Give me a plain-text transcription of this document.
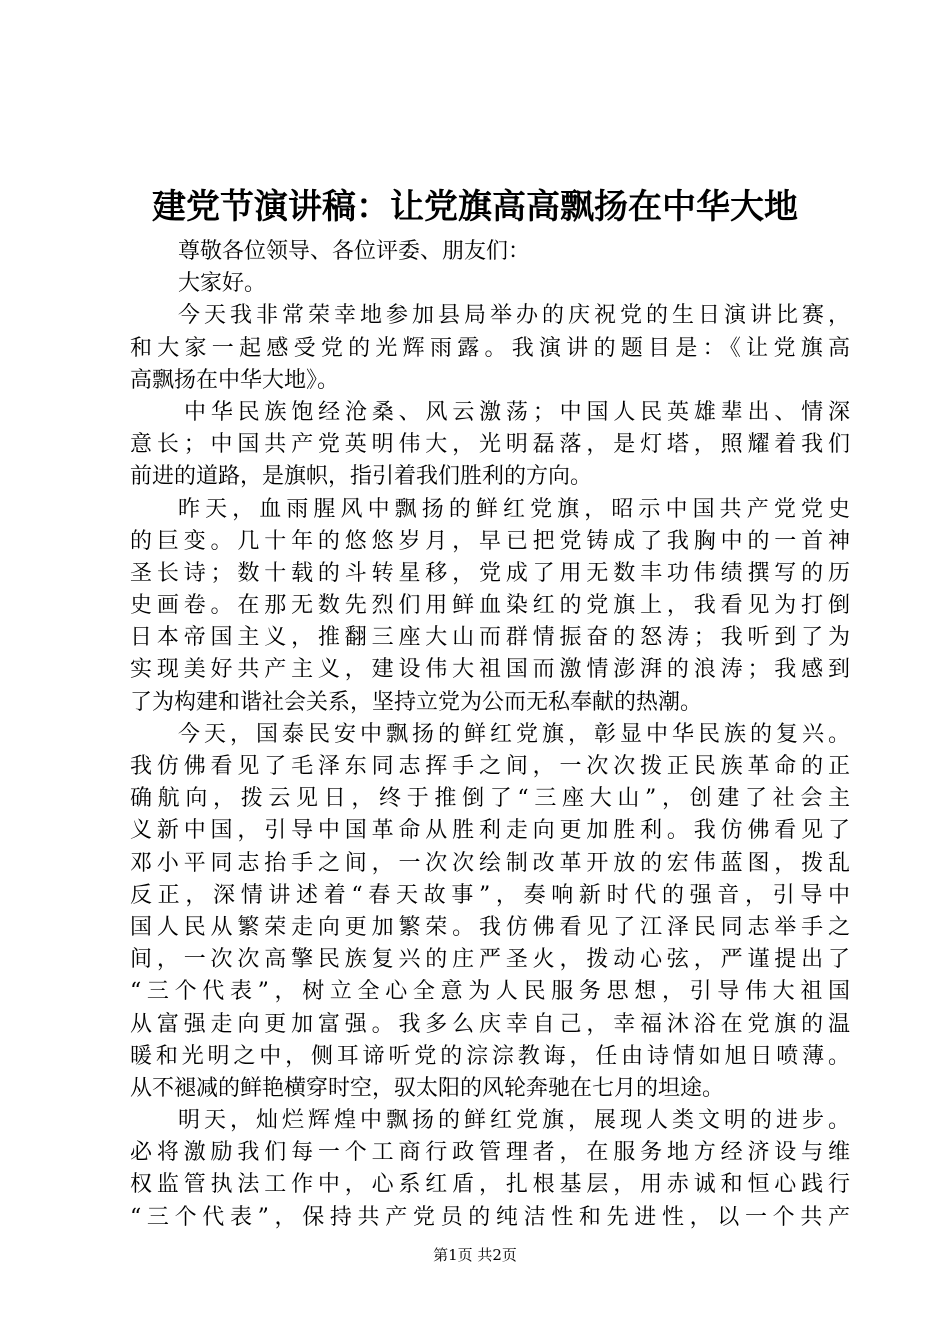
建党节演讲稿：让党旗高高飘扬在中华大地
尊敬各位领导、各位评委、朋友们：
大家好。
今天我非常荣幸地参加县局举办的庆祝党的生日演讲比赛，
和大家一起感受党的光辉雨露。我演讲的题目是：《让党旗高
高飘扬在中华大地》。
中华民族饱经沧桑、风云激荡；中国人民英雄辈出、情深
意长；中国共产党英明伟大，光明磊落，是灯塔，照耀着我们
前进的道路，是旗帜，指引着我们胜利的方向。
昨天，血雨腥风中飘扬的鲜红党旗，昭示中国共产党党史
的巨变。几十年的悠悠岁月，早已把党铸成了我胸中的一首神
圣长诗；数十载的斗转星移，党成了用无数丰功伟绩撰写的历
史画卷。在那无数先烈们用鲜血染红的党旗上，我看见为打倒
日本帝国主义，推翻三座大山而群情振奋的怒涛；我听到了为
实现美好共产主义，建设伟大祖国而激情澎湃的浪涛；我感到
了为构建和谐社会关系，坚持立党为公而无私奉献的热潮。
今天，国泰民安中飘扬的鲜红党旗，彰显中华民族的复兴。
我仿佛看见了毛泽东同志挥手之间，一次次拨正民族革命的正
确航向，拨云见日，终于推倒了“三座大山”，创建了社会主
义新中国，引导中国革命从胜利走向更加胜利。我仿佛看见了
邓小平同志抬手之间，一次次绘制改革开放的宏伟蓝图，拨乱
反正，深情讲述着“春天故事”，奏响新时代的强音，引导中
国人民从繁荣走向更加繁荣。我仿佛看见了江泽民同志举手之
间，一次次高擎民族复兴的庄严圣火，拨动心弦，严谨提出了
“三个代表”，树立全心全意为人民服务思想，引导伟大祖国
从富强走向更加富强。我多么庆幸自己，幸福沐浴在党旗的温
暖和光明之中，侧耳谛听党的淙淙教诲，任由诗情如旭日喷薄。
从不褪减的鲜艳横穿时空，驭太阳的风轮奔驰在七月的坦途。
明天，灿烂辉煌中飘扬的鲜红党旗，展现人类文明的进步。
必将激励我们每一个工商行政管理者，在服务地方经济设与维
权监管执法工作中，心系红盾，扎根基层，用赤诚和恒心践行
“三个代表”，保持共产党员的纯洁性和先进性，以一个共产
第1页 共2页
